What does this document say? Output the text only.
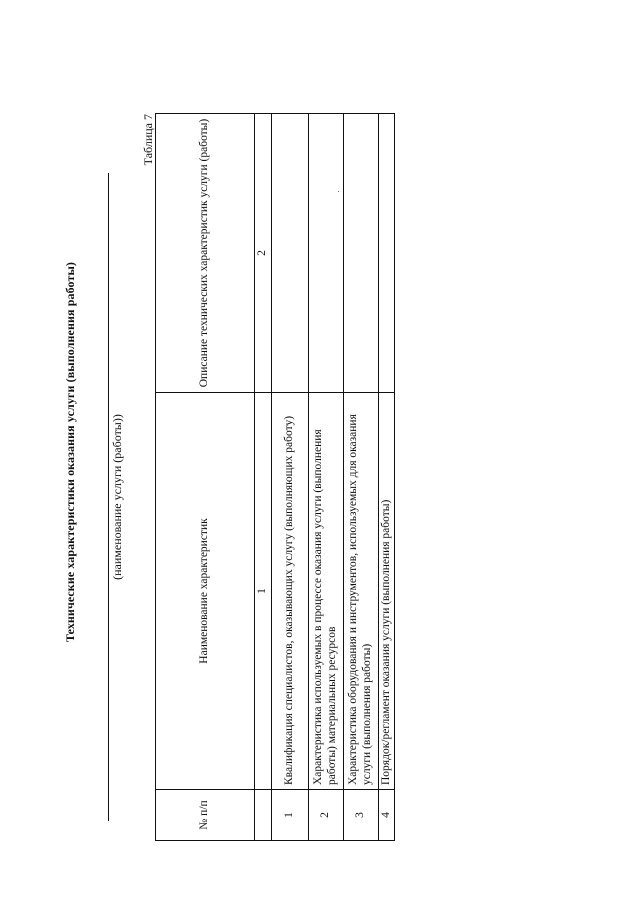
Технические характеристики оказания услуги (выполнения работы)	(наименование услуги (работы))
Таблица 7
№ п/п	Наименование характеристик	Описание технических характеристик услуги (работы)
	1	2
1	Квалификация специалистов, оказывающих услугу (выполняющих работу)	
2	Характеристика используемых в процессе оказания услуги (выполнения работы) материальных ресурсов	
3	Характеристика оборудования и инструментов, используемых для оказания услуги (выполнения работы)	
4	Порядок/регламент оказания услуги (выполнения работы)	
